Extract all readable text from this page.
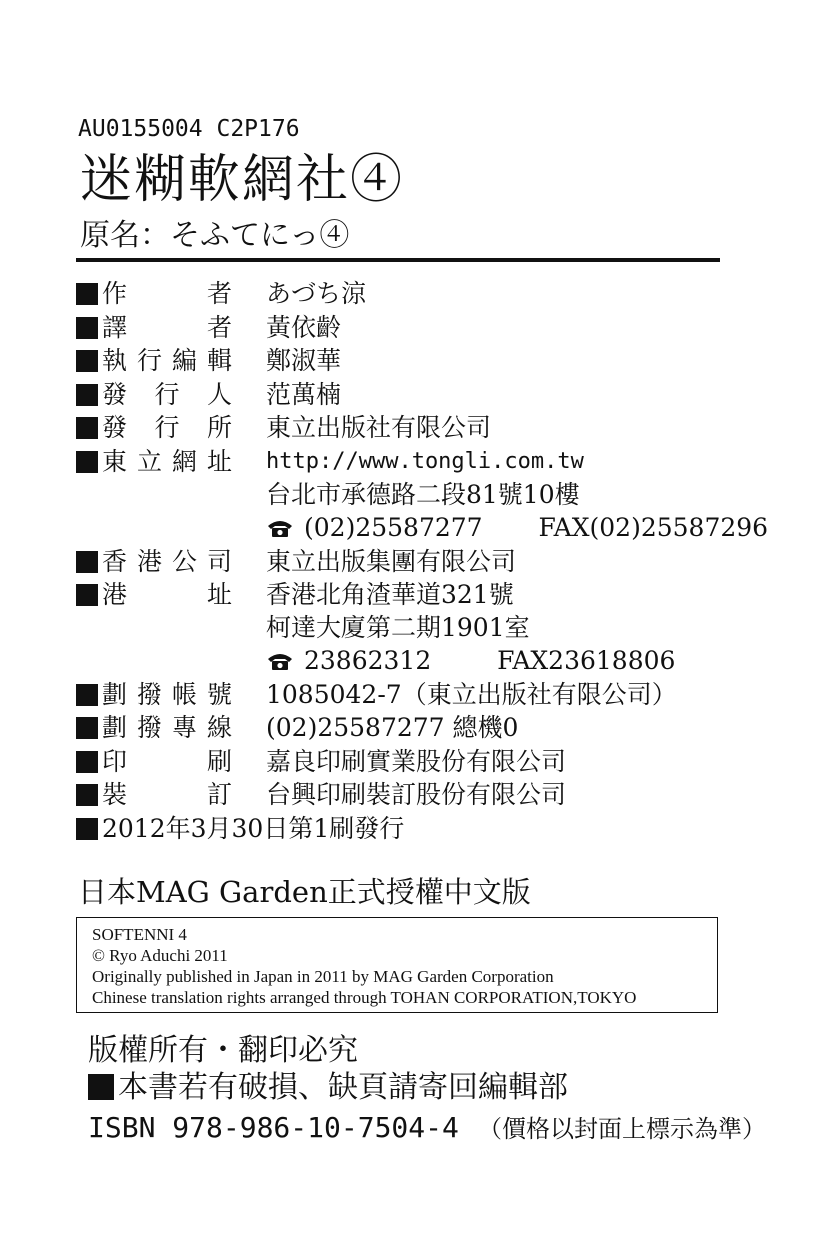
AU0155004 C2P176
迷糊軟網社④
原名：そふてにっ④
作　者 あづち涼
譯　者 黃依齡
執行編輯 鄭淑華
發行人 范萬楠
發行所 東立出版社有限公司
東立網址 http://www.tongli.com.tw
台北市承德路二段81號10樓
(02)25587277 FAX(02)25587296
香港公司 東立出版集團有限公司
港　址 香港北角渣華道321號
柯達大廈第二期1901室
23862312	FAX23618806
劃撥帳號 1085042-7（東立出版社有限公司）
劃撥專線 (02)25587277 總機0
印　刷 嘉良印刷實業股份有限公司
裝　訂 台興印刷裝訂股份有限公司
2012年3月30日第1刷發行
日本MAG Garden正式授權中文版
SOFTENNI 4
© Ryo Aduchi 2011
Originally published in Japan in 2011 by MAG Garden Corporation
Chinese translation rights arranged through TOHAN CORPORATION,TOKYO
版權所有・翻印必究
本書若有破損、缺頁請寄回編輯部
ISBN 978-986-10-7504-4 （價格以封面上標示為準）
